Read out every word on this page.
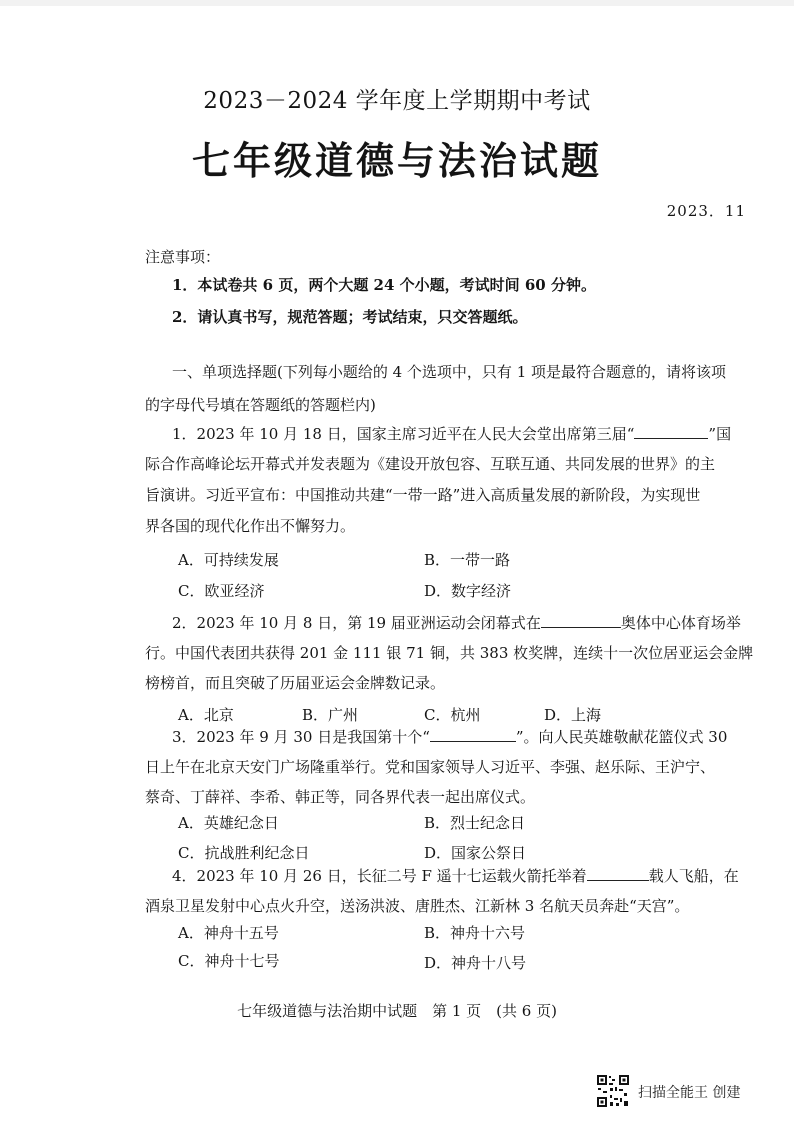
2023－2024 学年度上学期期中考试
七年级道德与法治试题
2023．11
注意事项：
1．本试卷共 6 页，两个大题 24 个小题，考试时间 60 分钟。
2．请认真书写，规范答题；考试结束，只交答题纸。
一、单项选择题(下列每小题给的 4 个选项中，只有 1 项是最符合题意的，请将该项
的字母代号填在答题纸的答题栏内)
1．2023 年 10 月 18 日，国家主席习近平在人民大会堂出席第三届“	”国
际合作高峰论坛开幕式并发表题为《建设开放包容、互联互通、共同发展的世界》的主
旨演讲。习近平宣布：中国推动共建“一带一路”进入高质量发展的新阶段，为实现世
界各国的现代化作出不懈努力。
A．可持续发展	B．一带一路
C．欧亚经济	D．数字经济
2．2023 年 10 月 8 日，第 19 届亚洲运动会闭幕式在	奥体中心体育场举
行。中国代表团共获得 201 金 111 银 71 铜，共 383 枚奖牌，连续十一次位居亚运会金牌
榜榜首，而且突破了历届亚运会金牌数记录。
A．北京	B．广州	C．杭州	D．上海
3．2023 年 9 月 30 日是我国第十个“	”。向人民英雄敬献花篮仪式 30
日上午在北京天安门广场隆重举行。党和国家领导人习近平、李强、赵乐际、王沪宁、
蔡奇、丁薛祥、李希、韩正等，同各界代表一起出席仪式。
A．英雄纪念日	B．烈士纪念日
C．抗战胜利纪念日	D．国家公祭日
4．2023 年 10 月 26 日，长征二号 F 遥十七运载火箭托举着	载人飞船，在
酒泉卫星发射中心点火升空，送汤洪波、唐胜杰、江新林 3 名航天员奔赴“天宫”。
A．神舟十五号	B．神舟十六号
C．神舟十七号	D．神舟十八号
七年级道德与法治期中试题　第 1 页　(共 6 页)
扫描全能王 创建
